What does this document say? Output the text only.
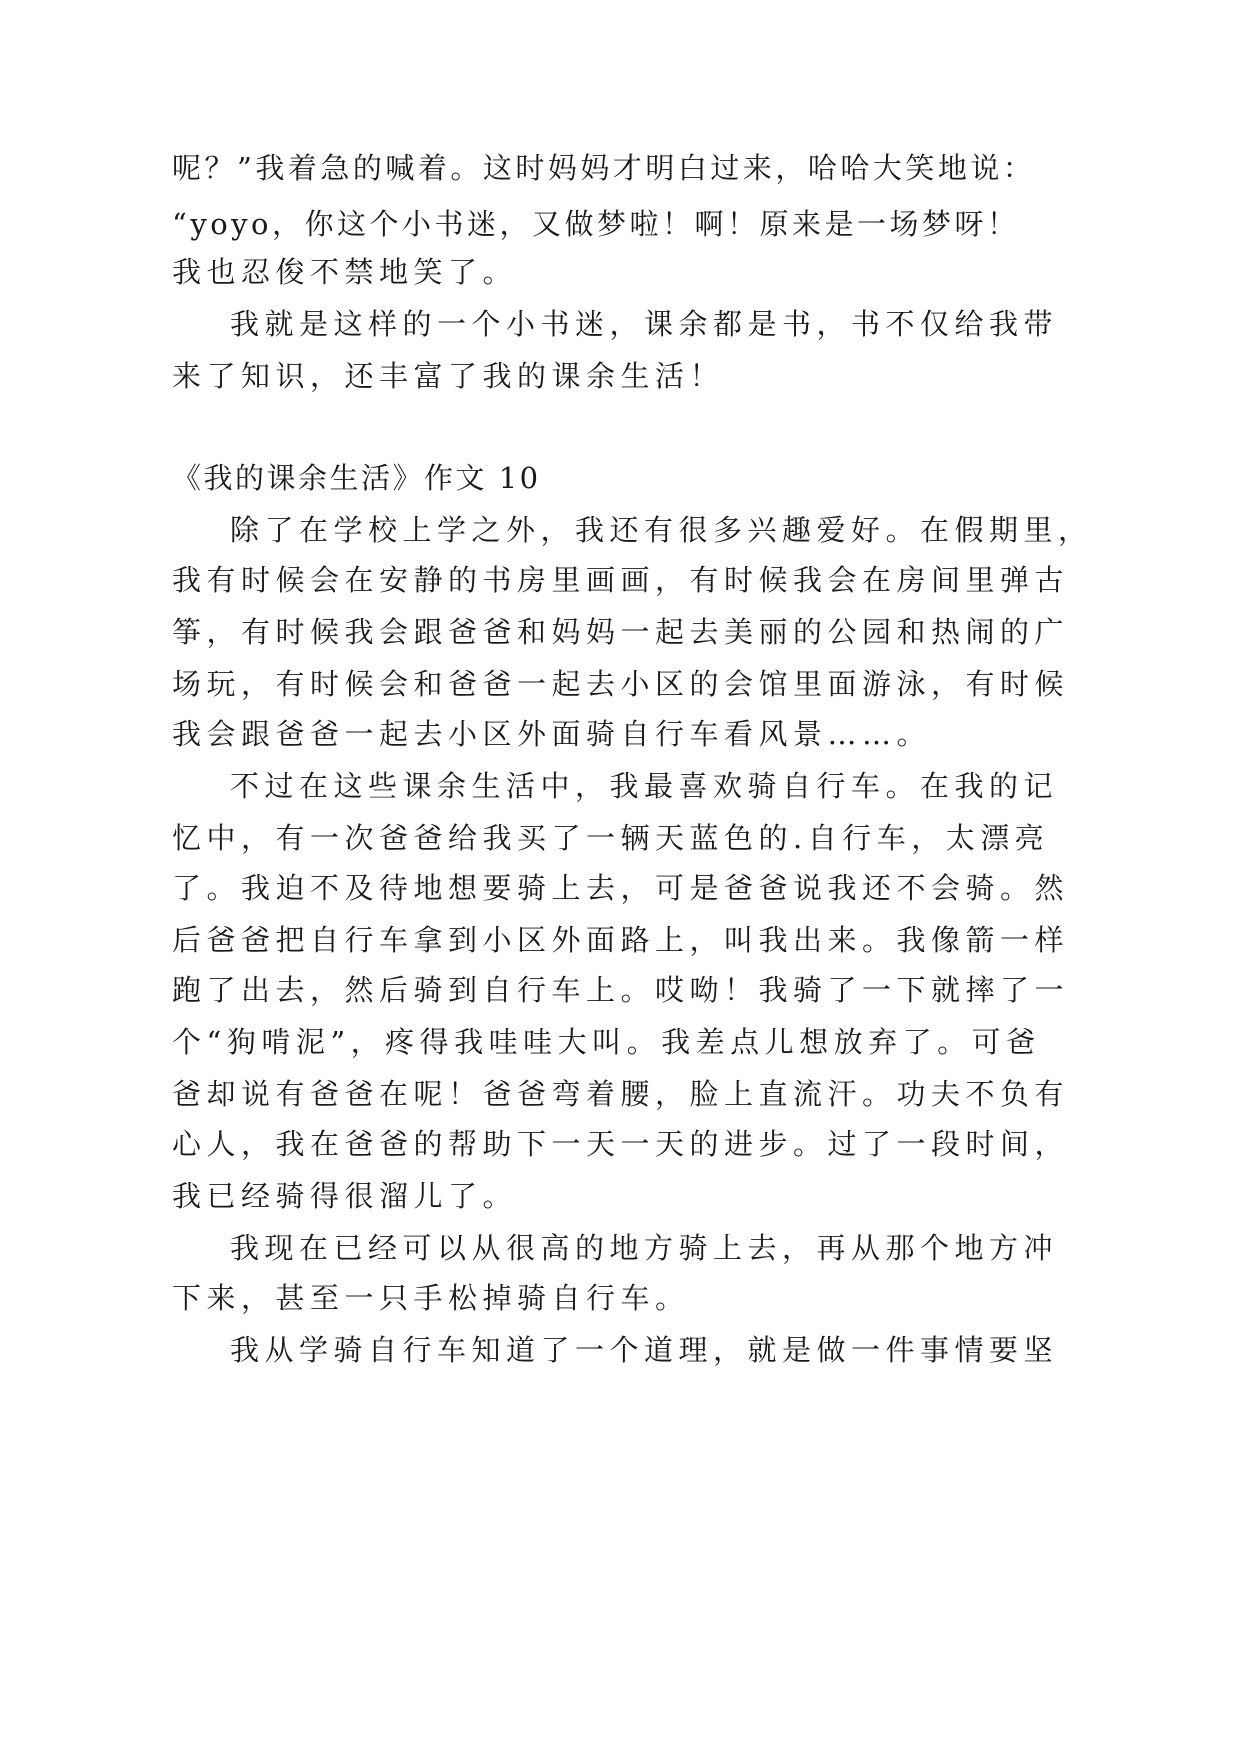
呢？”我着急的喊着。这时妈妈才明白过来，哈哈大笑地说：

“yoyo，你这个小书迷，又做梦啦！啊！原来是一场梦呀！

我也忍俊不禁地笑了。

我就是这样的一个小书迷，课余都是书，书不仅给我带

来了知识，还丰富了我的课余生活！

《我的课余生活》作文 10

除了在学校上学之外，我还有很多兴趣爱好。在假期里，

我有时候会在安静的书房里画画，有时候我会在房间里弹古

筝，有时候我会跟爸爸和妈妈一起去美丽的公园和热闹的广

场玩，有时候会和爸爸一起去小区的会馆里面游泳，有时候

我会跟爸爸一起去小区外面骑自行车看风景……。

不过在这些课余生活中，我最喜欢骑自行车。在我的记

忆中，有一次爸爸给我买了一辆天蓝色的.自行车，太漂亮

了。我迫不及待地想要骑上去，可是爸爸说我还不会骑。然

后爸爸把自行车拿到小区外面路上，叫我出来。我像箭一样

跑了出去，然后骑到自行车上。哎呦！我骑了一下就摔了一

个“狗啃泥”，疼得我哇哇大叫。我差点儿想放弃了。可爸

爸却说有爸爸在呢！爸爸弯着腰，脸上直流汗。功夫不负有

心人，我在爸爸的帮助下一天一天的进步。过了一段时间，

我已经骑得很溜儿了。

我现在已经可以从很高的地方骑上去，再从那个地方冲

下来，甚至一只手松掉骑自行车。

我从学骑自行车知道了一个道理，就是做一件事情要坚
